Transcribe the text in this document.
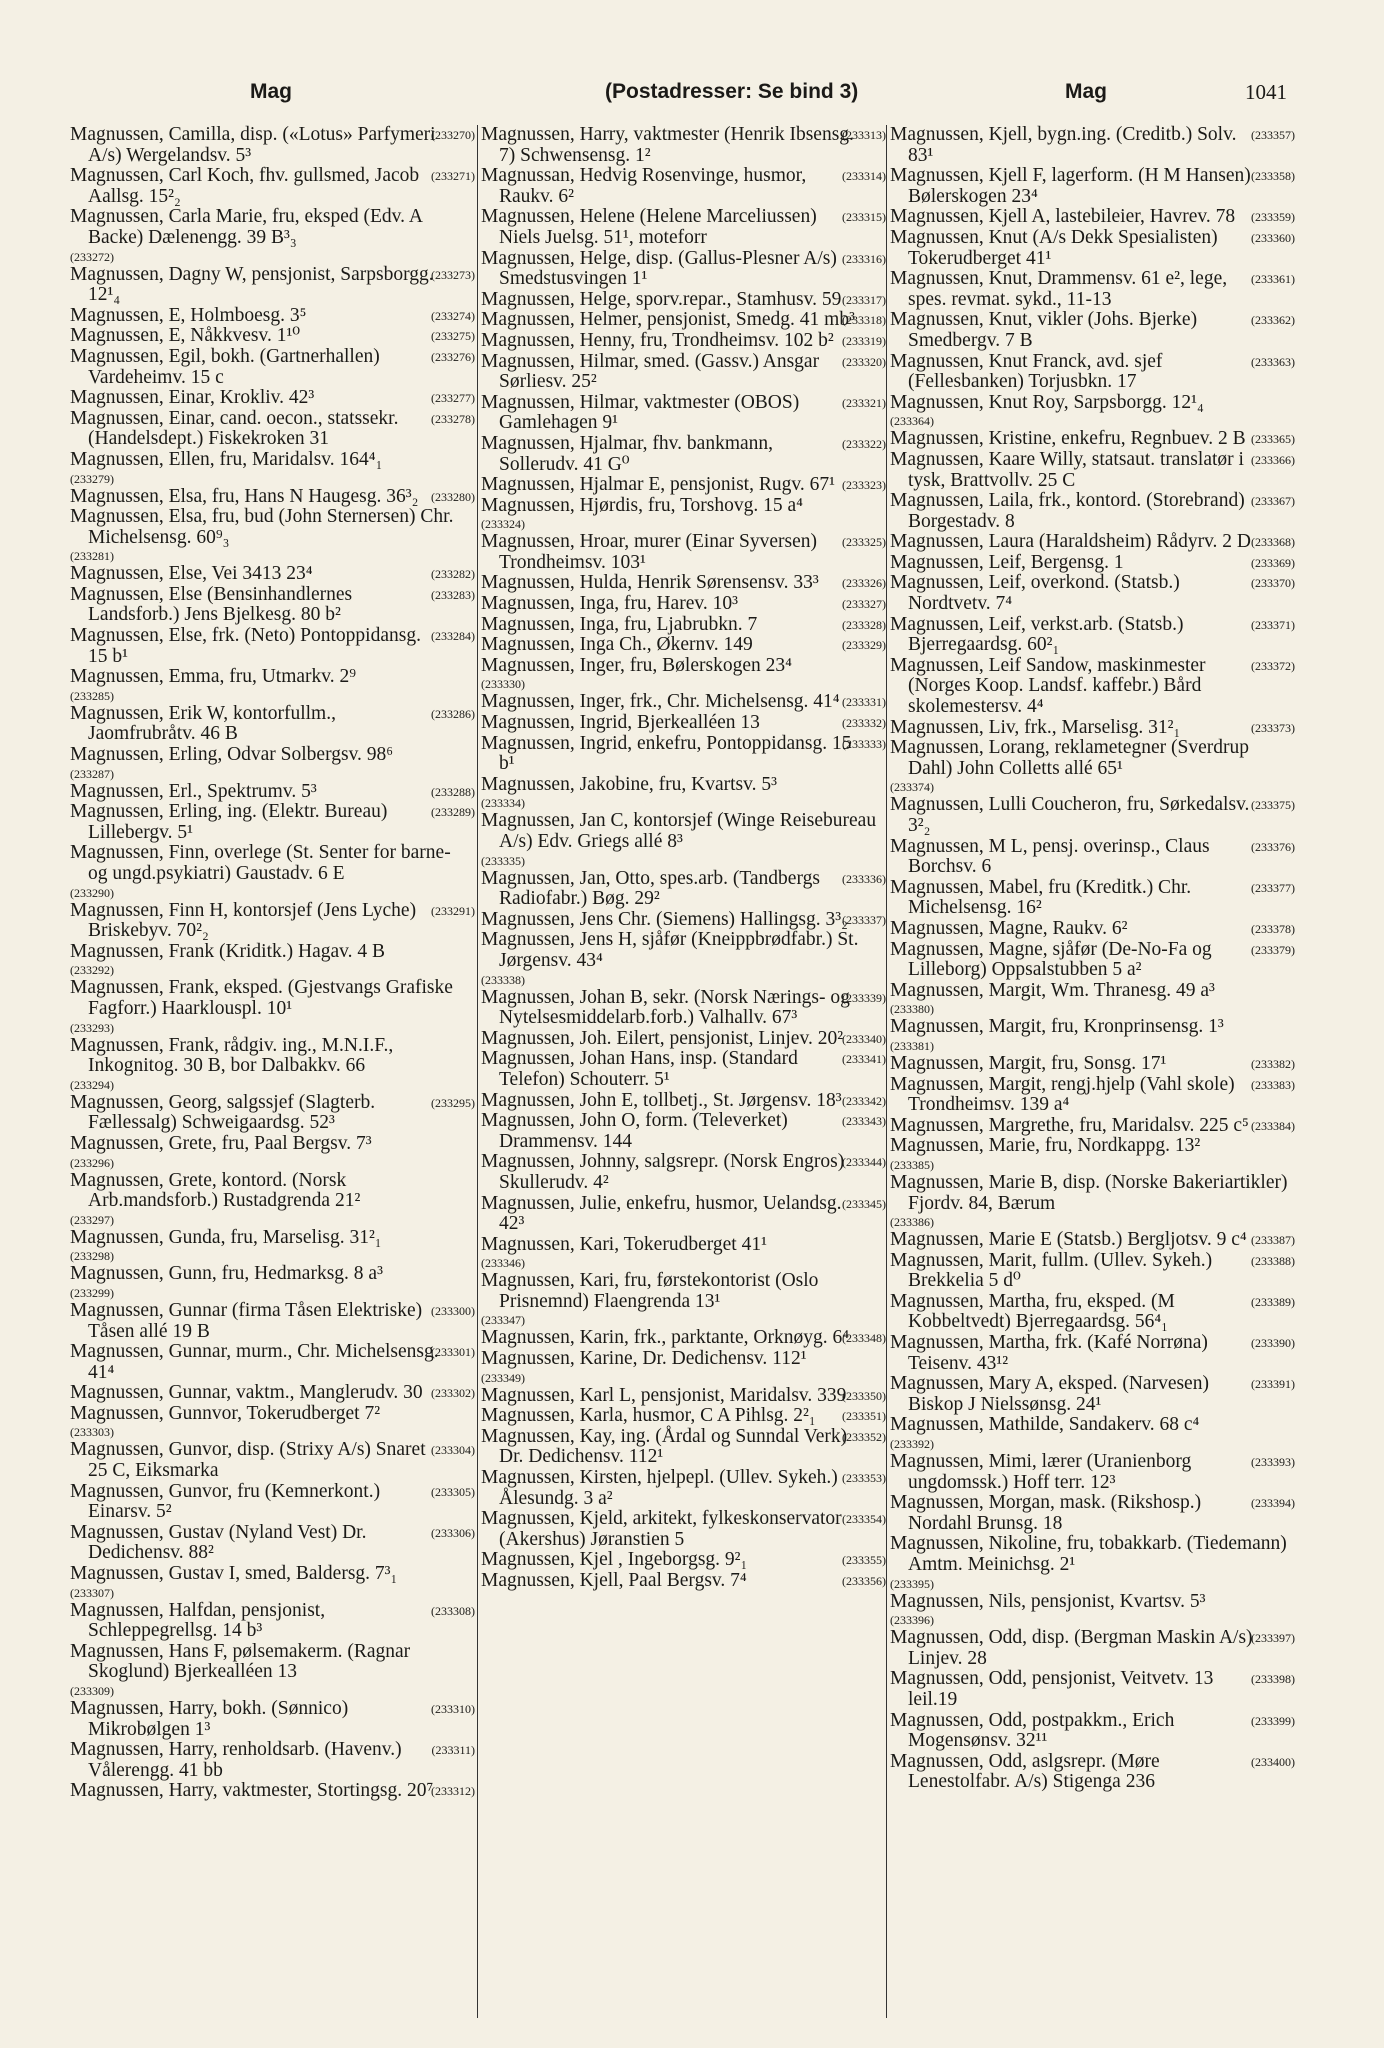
Mag	(Postadresser: Se bind 3)	Mag	1041
(233270)
Magnussen, Camilla, disp. («Lotus» Parfymeri A/s) Wergelandsv. 5³
(233271)
Magnussen, Carl Koch, fhv. gullsmed, Jacob Aallsg. 15²₂
Magnussen, Carla Marie, fru, eksped (Edv. A Backe) Dælenengg. 39 B³₃
(233272)
(233273)
Magnussen, Dagny W, pensjonist, Sarpsborgg. 12¹₄
(233274)
Magnussen, E, Holmboesg. 3⁵
(233275)
Magnussen, E, Nåkkvesv. 1¹⁰
(233276)
Magnussen, Egil, bokh. (Gartnerhallen) Vardeheimv. 15 c
(233277)
Magnussen, Einar, Krokliv. 42³
(233278)
Magnussen, Einar, cand. oecon., statssekr. (Handelsdept.) Fiskekroken 31
Magnussen, Ellen, fru, Maridalsv. 164⁴₁
(233279)
(233280)
Magnussen, Elsa, fru, Hans N Haugesg. 36³₂
Magnussen, Elsa, fru, bud (John Sternersen) Chr. Michelsensg. 60⁹₃
(233281)
(233282)
Magnussen, Else, Vei 3413 23⁴
(233283)
Magnussen, Else (Bensinhandlernes Landsforb.) Jens Bjelkesg. 80 b²
(233284)
Magnussen, Else, frk. (Neto) Pontoppidansg. 15 b¹
Magnussen, Emma, fru, Utmarkv. 2⁹
(233285)
(233286)
Magnussen, Erik W, kontorfullm., Jaomfrubråtv. 46 B
Magnussen, Erling, Odvar Solbergsv. 98⁶
(233287)
(233288)
Magnussen, Erl., Spektrumv. 5³
(233289)
Magnussen, Erling, ing. (Elektr. Bureau) Lillebergv. 5¹
Magnussen, Finn, overlege (St. Senter for barne- og ungd.psykiatri) Gaustadv. 6 E
(233290)
(233291)
Magnussen, Finn H, kontorsjef (Jens Lyche) Briskebyv. 70²₂
Magnussen, Frank (Kriditk.) Hagav. 4 B
(233292)
Magnussen, Frank, eksped. (Gjestvangs Grafiske Fagforr.) Haarklouspl. 10¹
(233293)
Magnussen, Frank, rådgiv. ing., M.N.I.F., Inkognitog. 30 B, bor Dalbakkv. 66
(233294)
(233295)
Magnussen, Georg, salgssjef (Slagterb. Fællessalg) Schweigaardsg. 52³
Magnussen, Grete, fru, Paal Bergsv. 7³
(233296)
Magnussen, Grete, kontord. (Norsk Arb.mandsforb.) Rustadgrenda 21²
(233297)
Magnussen, Gunda, fru, Marselisg. 31²₁
(233298)
Magnussen, Gunn, fru, Hedmarksg. 8 a³
(233299)
(233300)
Magnussen, Gunnar (firma Tåsen Elektriske) Tåsen allé 19 B
(233301)
Magnussen, Gunnar, murm., Chr. Michelsensg. 41⁴
(233302)
Magnussen, Gunnar, vaktm., Manglerudv. 30
Magnussen, Gunnvor, Tokerudberget 7²
(233303)
(233304)
Magnussen, Gunvor, disp. (Strixy A/s) Snaret 25 C, Eiksmarka
(233305)
Magnussen, Gunvor, fru (Kemnerkont.) Einarsv. 5²
(233306)
Magnussen, Gustav (Nyland Vest) Dr. Dedichensv. 88²
Magnussen, Gustav I, smed, Baldersg. 7³₁
(233307)
(233308)
Magnussen, Halfdan, pensjonist, Schleppegrellsg. 14 b³
Magnussen, Hans F, pølsemakerm. (Ragnar Skoglund) Bjerkealléen 13
(233309)
(233310)
Magnussen, Harry, bokh. (Sønnico) Mikrobølgen 1³
(233311)
Magnussen, Harry, renholdsarb. (Havenv.) Vålerengg. 41 bb
(233312)
Magnussen, Harry, vaktmester, Stortingsg. 20⁷
(233313)
Magnussen, Harry, vaktmester (Henrik Ibsensg. 7) Schwensensg. 1²
(233314)
Magnussan, Hedvig Rosenvinge, husmor, Raukv. 6²
(233315)
Magnussen, Helene (Helene Marceliussen) Niels Juelsg. 51¹, moteforr
(233316)
Magnussen, Helge, disp. (Gallus-Plesner A/s) Smedstusvingen 1¹
(233317)
Magnussen, Helge, sporv.repar., Stamhusv. 59
(233318)
Magnussen, Helmer, pensjonist, Smedg. 41 mb³
(233319)
Magnussen, Henny, fru, Trondheimsv. 102 b²
(233320)
Magnussen, Hilmar, smed. (Gassv.) Ansgar Sørliesv. 25²
(233321)
Magnussen, Hilmar, vaktmester (OBOS) Gamlehagen 9¹
(233322)
Magnussen, Hjalmar, fhv. bankmann, Sollerudv. 41 G⁰
(233323)
Magnussen, Hjalmar E, pensjonist, Rugv. 67¹
Magnussen, Hjørdis, fru, Torshovg. 15 a⁴
(233324)
(233325)
Magnussen, Hroar, murer (Einar Syversen) Trondheimsv. 103¹
(233326)
Magnussen, Hulda, Henrik Sørensensv. 33³
(233327)
Magnussen, Inga, fru, Harev. 10³
(233328)
Magnussen, Inga, fru, Ljabrubkn. 7
(233329)
Magnussen, Inga Ch., Økernv. 149
Magnussen, Inger, fru, Bølerskogen 23⁴
(233330)
(233331)
Magnussen, Inger, frk., Chr. Michelsensg. 41⁴
(233332)
Magnussen, Ingrid, Bjerkealléen 13
(233333)
Magnussen, Ingrid, enkefru, Pontoppidansg. 15 b¹
Magnussen, Jakobine, fru, Kvartsv. 5³
(233334)
Magnussen, Jan C, kontorsjef (Winge Reisebureau A/s) Edv. Griegs allé 8³
(233335)
(233336)
Magnussen, Jan, Otto, spes.arb. (Tandbergs Radiofabr.) Bøg. 29²
(233337)
Magnussen, Jens Chr. (Siemens) Hallingsg. 3³₂
Magnussen, Jens H, sjåfør (Kneippbrødfabr.) St. Jørgensv. 43⁴
(233338)
(233339)
Magnussen, Johan B, sekr. (Norsk Nærings- og Nytelsesmiddelarb.forb.) Valhallv. 67³
(233340)
Magnussen, Joh. Eilert, pensjonist, Linjev. 20²
(233341)
Magnussen, Johan Hans, insp. (Standard Telefon) Schouterr. 5¹
(233342)
Magnussen, John E, tollbetj., St. Jørgensv. 18³
(233343)
Magnussen, John O, form. (Televerket) Drammensv. 144
(233344)
Magnussen, Johnny, salgsrepr. (Norsk Engros) Skullerudv. 4²
(233345)
Magnussen, Julie, enkefru, husmor, Uelandsg. 42³
Magnussen, Kari, Tokerudberget 41¹
(233346)
Magnussen, Kari, fru, førstekontorist (Oslo Prisnemnd) Flaengrenda 13¹
(233347)
(233348)
Magnussen, Karin, frk., parktante, Orknøyg. 6⁴
Magnussen, Karine, Dr. Dedichensv. 112¹
(233349)
(233350)
Magnussen, Karl L, pensjonist, Maridalsv. 339
(233351)
Magnussen, Karla, husmor, C A Pihlsg. 2²₁
(233352)
Magnussen, Kay, ing. (Årdal og Sunndal Verk) Dr. Dedichensv. 112¹
(233353)
Magnussen, Kirsten, hjelpepl. (Ullev. Sykeh.) Ålesundg. 3 a²
(233354)
Magnussen, Kjeld, arkitekt, fylkeskonservator (Akershus) Jøranstien 5
(233355)
Magnussen, Kjel , Ingeborgsg. 9²₁
(233356)
Magnussen, Kjell, Paal Bergsv. 7⁴
(233357)
Magnussen, Kjell, bygn.ing. (Creditb.) Solv. 83¹
(233358)
Magnussen, Kjell F, lagerform. (H M Hansen) Bølerskogen 23⁴
(233359)
Magnussen, Kjell A, lastebileier, Havrev. 78
(233360)
Magnussen, Knut (A/s Dekk Spesialisten) Tokerudberget 41¹
(233361)
Magnussen, Knut, Drammensv. 61 e², lege, spes. revmat. sykd., 11-13
(233362)
Magnussen, Knut, vikler (Johs. Bjerke) Smedbergv. 7 B
(233363)
Magnussen, Knut Franck, avd. sjef (Fellesbanken) Torjusbkn. 17
Magnussen, Knut Roy, Sarpsborgg. 12¹₄
(233364)
(233365)
Magnussen, Kristine, enkefru, Regnbuev. 2 B
(233366)
Magnussen, Kaare Willy, statsaut. translatør i tysk, Brattvollv. 25 C
(233367)
Magnussen, Laila, frk., kontord. (Storebrand) Borgestadv. 8
(233368)
Magnussen, Laura (Haraldsheim) Rådyrv. 2 D
(233369)
Magnussen, Leif, Bergensg. 1
(233370)
Magnussen, Leif, overkond. (Statsb.) Nordtvetv. 7⁴
(233371)
Magnussen, Leif, verkst.arb. (Statsb.) Bjerregaardsg. 60²₁
(233372)
Magnussen, Leif Sandow, maskinmester (Norges Koop. Landsf. kaffebr.) Bård skolemestersv. 4⁴
(233373)
Magnussen, Liv, frk., Marselisg. 31²₁
Magnussen, Lorang, reklametegner (Sverdrup Dahl) John Colletts allé 65¹
(233374)
(233375)
Magnussen, Lulli Coucheron, fru, Sørkedalsv. 3²₂
(233376)
Magnussen, M L, pensj. overinsp., Claus Borchsv. 6
(233377)
Magnussen, Mabel, fru (Kreditk.) Chr. Michelsensg. 16²
(233378)
Magnussen, Magne, Raukv. 6²
(233379)
Magnussen, Magne, sjåfør (De-No-Fa og Lilleborg) Oppsalstubben 5 a²
Magnussen, Margit, Wm. Thranesg. 49 a³
(233380)
Magnussen, Margit, fru, Kronprinsensg. 1³
(233381)
(233382)
Magnussen, Margit, fru, Sonsg. 17¹
(233383)
Magnussen, Margit, rengj.hjelp (Vahl skole) Trondheimsv. 139 a⁴
(233384)
Magnussen, Margrethe, fru, Maridalsv. 225 c⁵
Magnussen, Marie, fru, Nordkappg. 13²
(233385)
Magnussen, Marie B, disp. (Norske Bakeriartikler) Fjordv. 84, Bærum
(233386)
(233387)
Magnussen, Marie E (Statsb.) Bergljotsv. 9 c⁴
(233388)
Magnussen, Marit, fullm. (Ullev. Sykeh.) Brekkelia 5 d⁰
(233389)
Magnussen, Martha, fru, eksped. (M Kobbeltvedt) Bjerregaardsg. 56⁴₁
(233390)
Magnussen, Martha, frk. (Kafé Norrøna) Teisenv. 43¹²
(233391)
Magnussen, Mary A, eksped. (Narvesen) Biskop J Nielssønsg. 24¹
Magnussen, Mathilde, Sandakerv. 68 c⁴
(233392)
(233393)
Magnussen, Mimi, lærer (Uranienborg ungdomssk.) Hoff terr. 12³
(233394)
Magnussen, Morgan, mask. (Rikshosp.) Nordahl Brunsg. 18
Magnussen, Nikoline, fru, tobakkarb. (Tiedemann) Amtm. Meinichsg. 2¹
(233395)
Magnussen, Nils, pensjonist, Kvartsv. 5³
(233396)
(233397)
Magnussen, Odd, disp. (Bergman Maskin A/s) Linjev. 28
(233398)
Magnussen, Odd, pensjonist, Veitvetv. 13 leil.19
(233399)
Magnussen, Odd, postpakkm., Erich Mogensønsv. 32¹¹
(233400)
Magnussen, Odd, aslgsrepr. (Møre Lenestolfabr. A/s) Stigenga 236
